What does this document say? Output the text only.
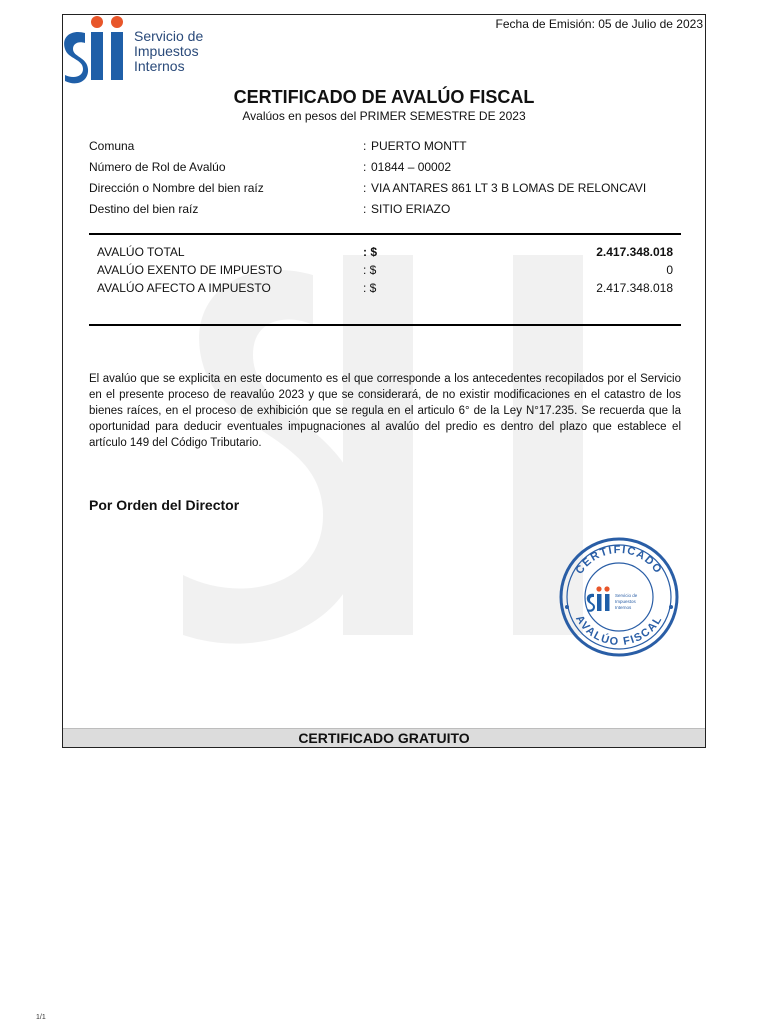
Servicio de
Impuestos
Internos
Fecha de Emisión: 05 de Julio de 2023
CERTIFICADO DE AVALÚO FISCAL
Avalúos en pesos del PRIMER SEMESTRE DE 2023
Comuna	: PUERTO MONTT
Número de Rol de Avalúo	: 01844 – 00002
Dirección o Nombre del bien raíz	: VIA ANTARES 861 LT 3 B LOMAS DE RELONCAVI
Destino del bien raíz	: SITIO ERIAZO
AVALÚO TOTAL	: $	2.417.348.018
AVALÚO EXENTO DE IMPUESTO	: $	0
AVALÚO AFECTO A IMPUESTO	: $	2.417.348.018
El avalúo que se explicita en este documento es el que corresponde a los antecedentes recopilados por el Servicio en el presente proceso de reavalúo 2023 y que se considerará, de no existir modificaciones en el catastro de los bienes raíces, en el proceso de exhibición que se regula en el articulo 6° de la Ley N°17.235. Se recuerda que la oportunidad para deducir eventuales impugnaciones al avalúo del predio es dentro del plazo que establece el artículo 149 del Código Tributario.
Por Orden del Director
CERTIFICADO
AVALÚO FISCAL
Servicio de
Impuestos
Internos
CERTIFICADO GRATUITO
1/1
